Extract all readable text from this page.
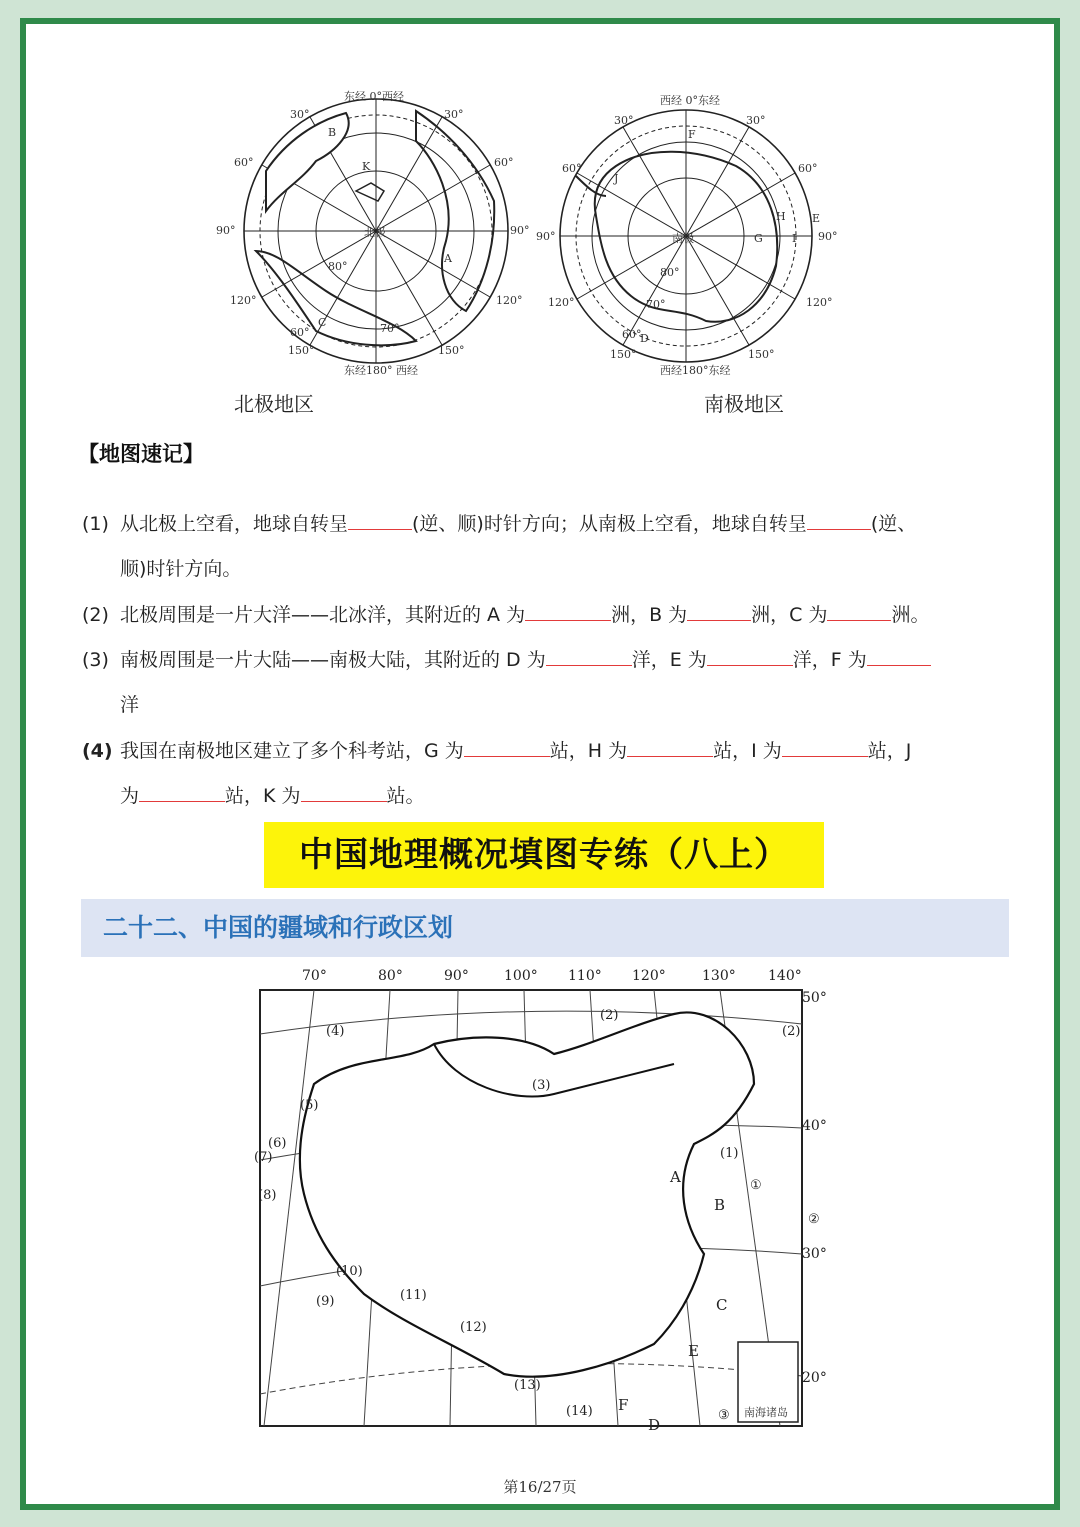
东经 0°西经
东经180° 西经
北极
30°	30°
60°	60°
90°	90°
120°	120°
150°	150°
80°
70°
60°
B
K
A
C
西经 0°东经
西经180°东经
南极
30°	30°
60°	60°
90°	90°
120°	120°
150°	150°
80°
70°
60°
F
J
H E
G	I
D
北极地区	南极地区
【地图速记】
(1) 从北极上空看，地球自转呈	(逆、顺)时针方向；从南极上空看，地球自转呈	(逆、
顺)时针方向。
(2) 北极周围是一片大洋——北冰洋，其附近的 A 为	洲，B 为	洲，C 为	洲。
(3) 南极周围是一片大陆——南极大陆，其附近的 D 为	洋，E 为	洋，F 为
洋
(4) 我国在南极地区建立了多个科考站，G 为	站，H 为	站，I 为	站，J
为	站，K 为	站。
中国地理概况填图专练（八上）
二十二、中国的疆域和行政区划
南海诸岛
70°	80°	90°	100° 110° 120°	130° 140°
50°
40°
30°
20°
(4)
(2)
(2)
(3)
(5)
(6)
(7)
(8)
(1)
①
②
(10)
(9)	(11)
(12)
(13)
(14)	③
A
B
C
E
F
D
第16/27页
